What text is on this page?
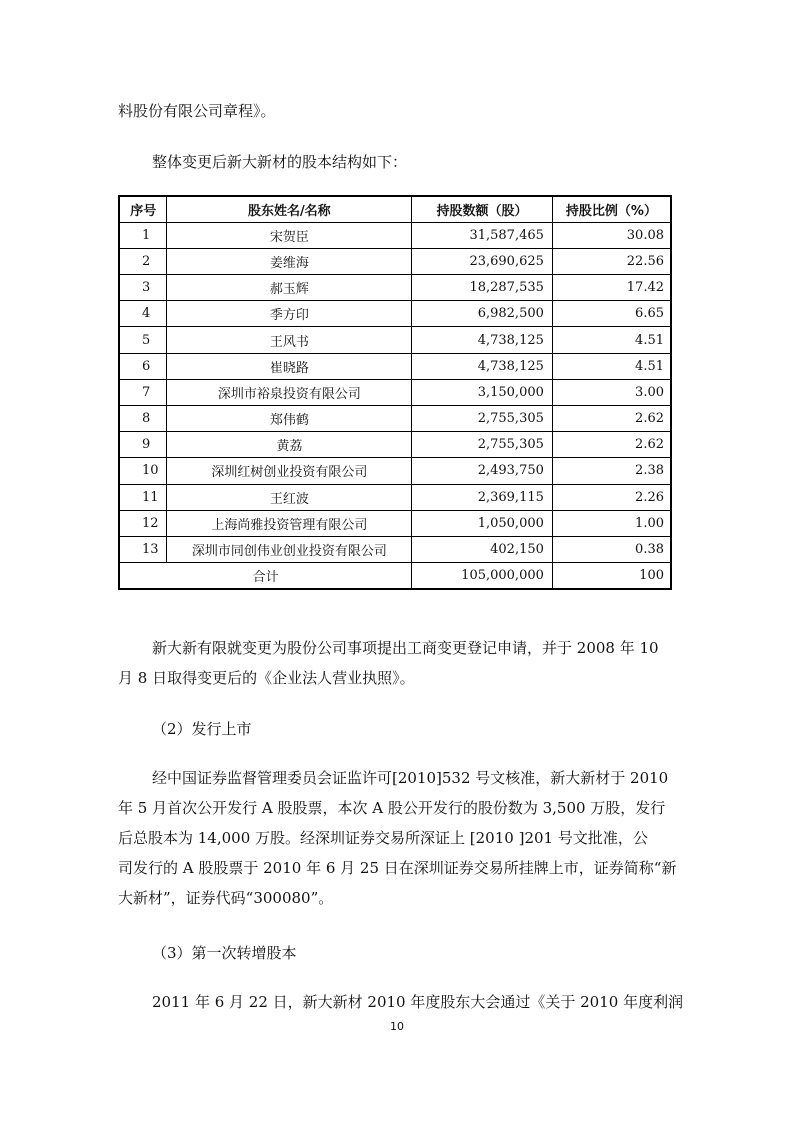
料股份有限公司章程》。
整体变更后新大新材的股本结构如下：
序号	股东姓名/名称	持股数额（股）	持股比例（%）
1	宋贺臣	31,587,465	30.08
2	姜维海	23,690,625	22.56
3	郝玉辉	18,287,535	17.42
4	季方印	6,982,500	6.65
5	王风书	4,738,125	4.51
6	崔晓路	4,738,125	4.51
7	深圳市裕泉投资有限公司	3,150,000	3.00
8	郑伟鹤	2,755,305	2.62
9	黄荔	2,755,305	2.62
10	深圳红树创业投资有限公司	2,493,750	2.38
11	王红波	2,369,115	2.26
12	上海尚雅投资管理有限公司	1,050,000	1.00
13	深圳市同创伟业创业投资有限公司	402,150	0.38
合计		105,000,000	100
新大新有限就变更为股份公司事项提出工商变更登记申请，并于 2008 年 10
月 8 日取得变更后的《企业法人营业执照》。
（2）发行上市
经中国证券监督管理委员会证监许可[2010]532 号文核准，新大新材于 2010
年 5 月首次公开发行 A 股股票，本次 A 股公开发行的股份数为 3,500 万股，发行
后总股本为 14,000 万股。经深圳证券交易所深证上 [2010 ]201 号文批准，公
司发行的 A 股股票于 2010 年 6 月 25 日在深圳证券交易所挂牌上市，证券简称“新
大新材”，证券代码“300080”。
（3）第一次转增股本
2011 年 6 月 22 日，新大新材 2010 年度股东大会通过《关于 2010 年度利润
10
